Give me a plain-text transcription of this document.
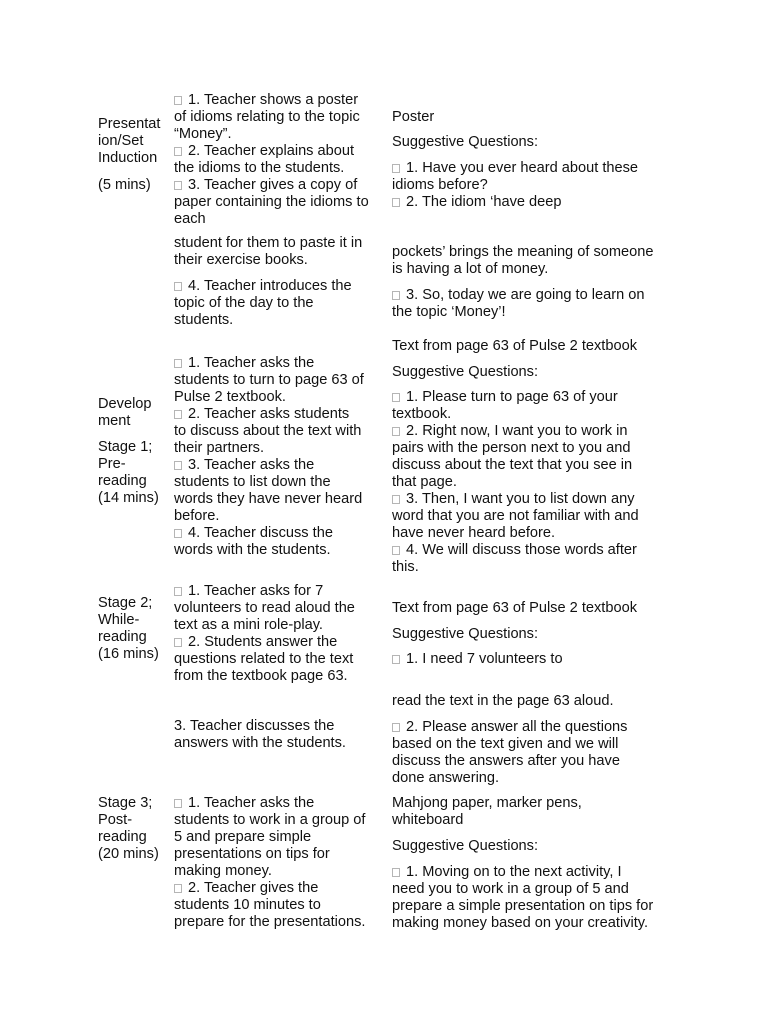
Presentat
ion/Set
Induction
(5 mins)
1. Teacher shows a poster
of idioms relating to the topic
“Money”.
2. Teacher explains about
the idioms to the students.
3. Teacher gives a copy of
paper containing the idioms to
each
student for them to paste it in
their exercise books.
4. Teacher introduces the
topic of the day to the
students.
Poster
Suggestive Questions:
1. Have you ever heard about these
idioms before?
2. The idiom ‘have deep
pockets’ brings the meaning of someone
is having a lot of money.
3. So, today we are going to learn on
the topic ‘Money’!
Develop
ment
Stage 1;
Pre-
reading
(14 mins)
1. Teacher asks the
students to turn to page 63 of
Pulse 2 textbook.
2. Teacher asks students
to discuss about the text with
their partners.
3. Teacher asks the
students to list down the
words they have never heard
before.
4. Teacher discuss the
words with the students.
Text from page 63 of Pulse 2 textbook
Suggestive Questions:
1. Please turn to page 63 of your
textbook.
2. Right now, I want you to work in
pairs with the person next to you and
discuss about the text that you see in
that page.
3. Then, I want you to list down any
word that you are not familiar with and
have never heard before.
4. We will discuss those words after
this.
Stage 2;
While-
reading
(16 mins)
1. Teacher asks for 7
volunteers to read aloud the
text as a mini role-play.
2. Students answer the
questions related to the text
from the textbook page 63.
3. Teacher discusses the
answers with the students.
Text from page 63 of Pulse 2 textbook
Suggestive Questions:
1. I need 7 volunteers to
read the text in the page 63 aloud.
2. Please answer all the questions
based on the text given and we will
discuss the answers after you have
done answering.
Stage 3;
Post-
reading
(20 mins)
1. Teacher asks the
students to work in a group of
5 and prepare simple
presentations on tips for
making money.
2. Teacher gives the
students 10 minutes to
prepare for the presentations.
Mahjong paper, marker pens,
whiteboard
Suggestive Questions:
1. Moving on to the next activity, I
need you to work in a group of 5 and
prepare a simple presentation on tips for
making money based on your creativity.
